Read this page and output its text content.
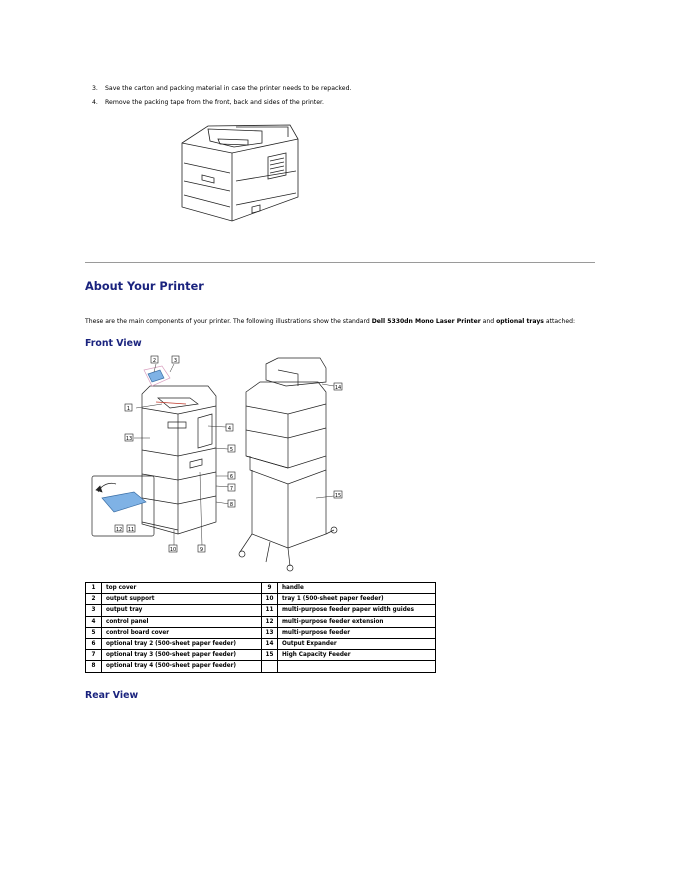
3.	Save the carton and packing material in case the printer needs to be repacked.
4.	Remove the packing tape from the front, back and sides of the printer.
About Your Printer
These are the main components of your printer. The following illustrations show the standard Dell 5330dn Mono Laser Printer and optional trays attached:
Front View
2	3
1
4
5
6
7
8
9
10
11
12
13
14
15
1	top cover	9	handle
2	output support	10	tray 1 (500-sheet paper feeder)
3	output tray	11	multi-purpose feeder paper width guides
4	control panel	12	multi-purpose feeder extension
5	control board cover	13	multi-purpose feeder
6	optional tray 2 (500-sheet paper feeder)	14	Output Expander
7	optional tray 3 (500-sheet paper feeder)	15	High Capacity Feeder
8	optional tray 4 (500-sheet paper feeder)		
Rear View
